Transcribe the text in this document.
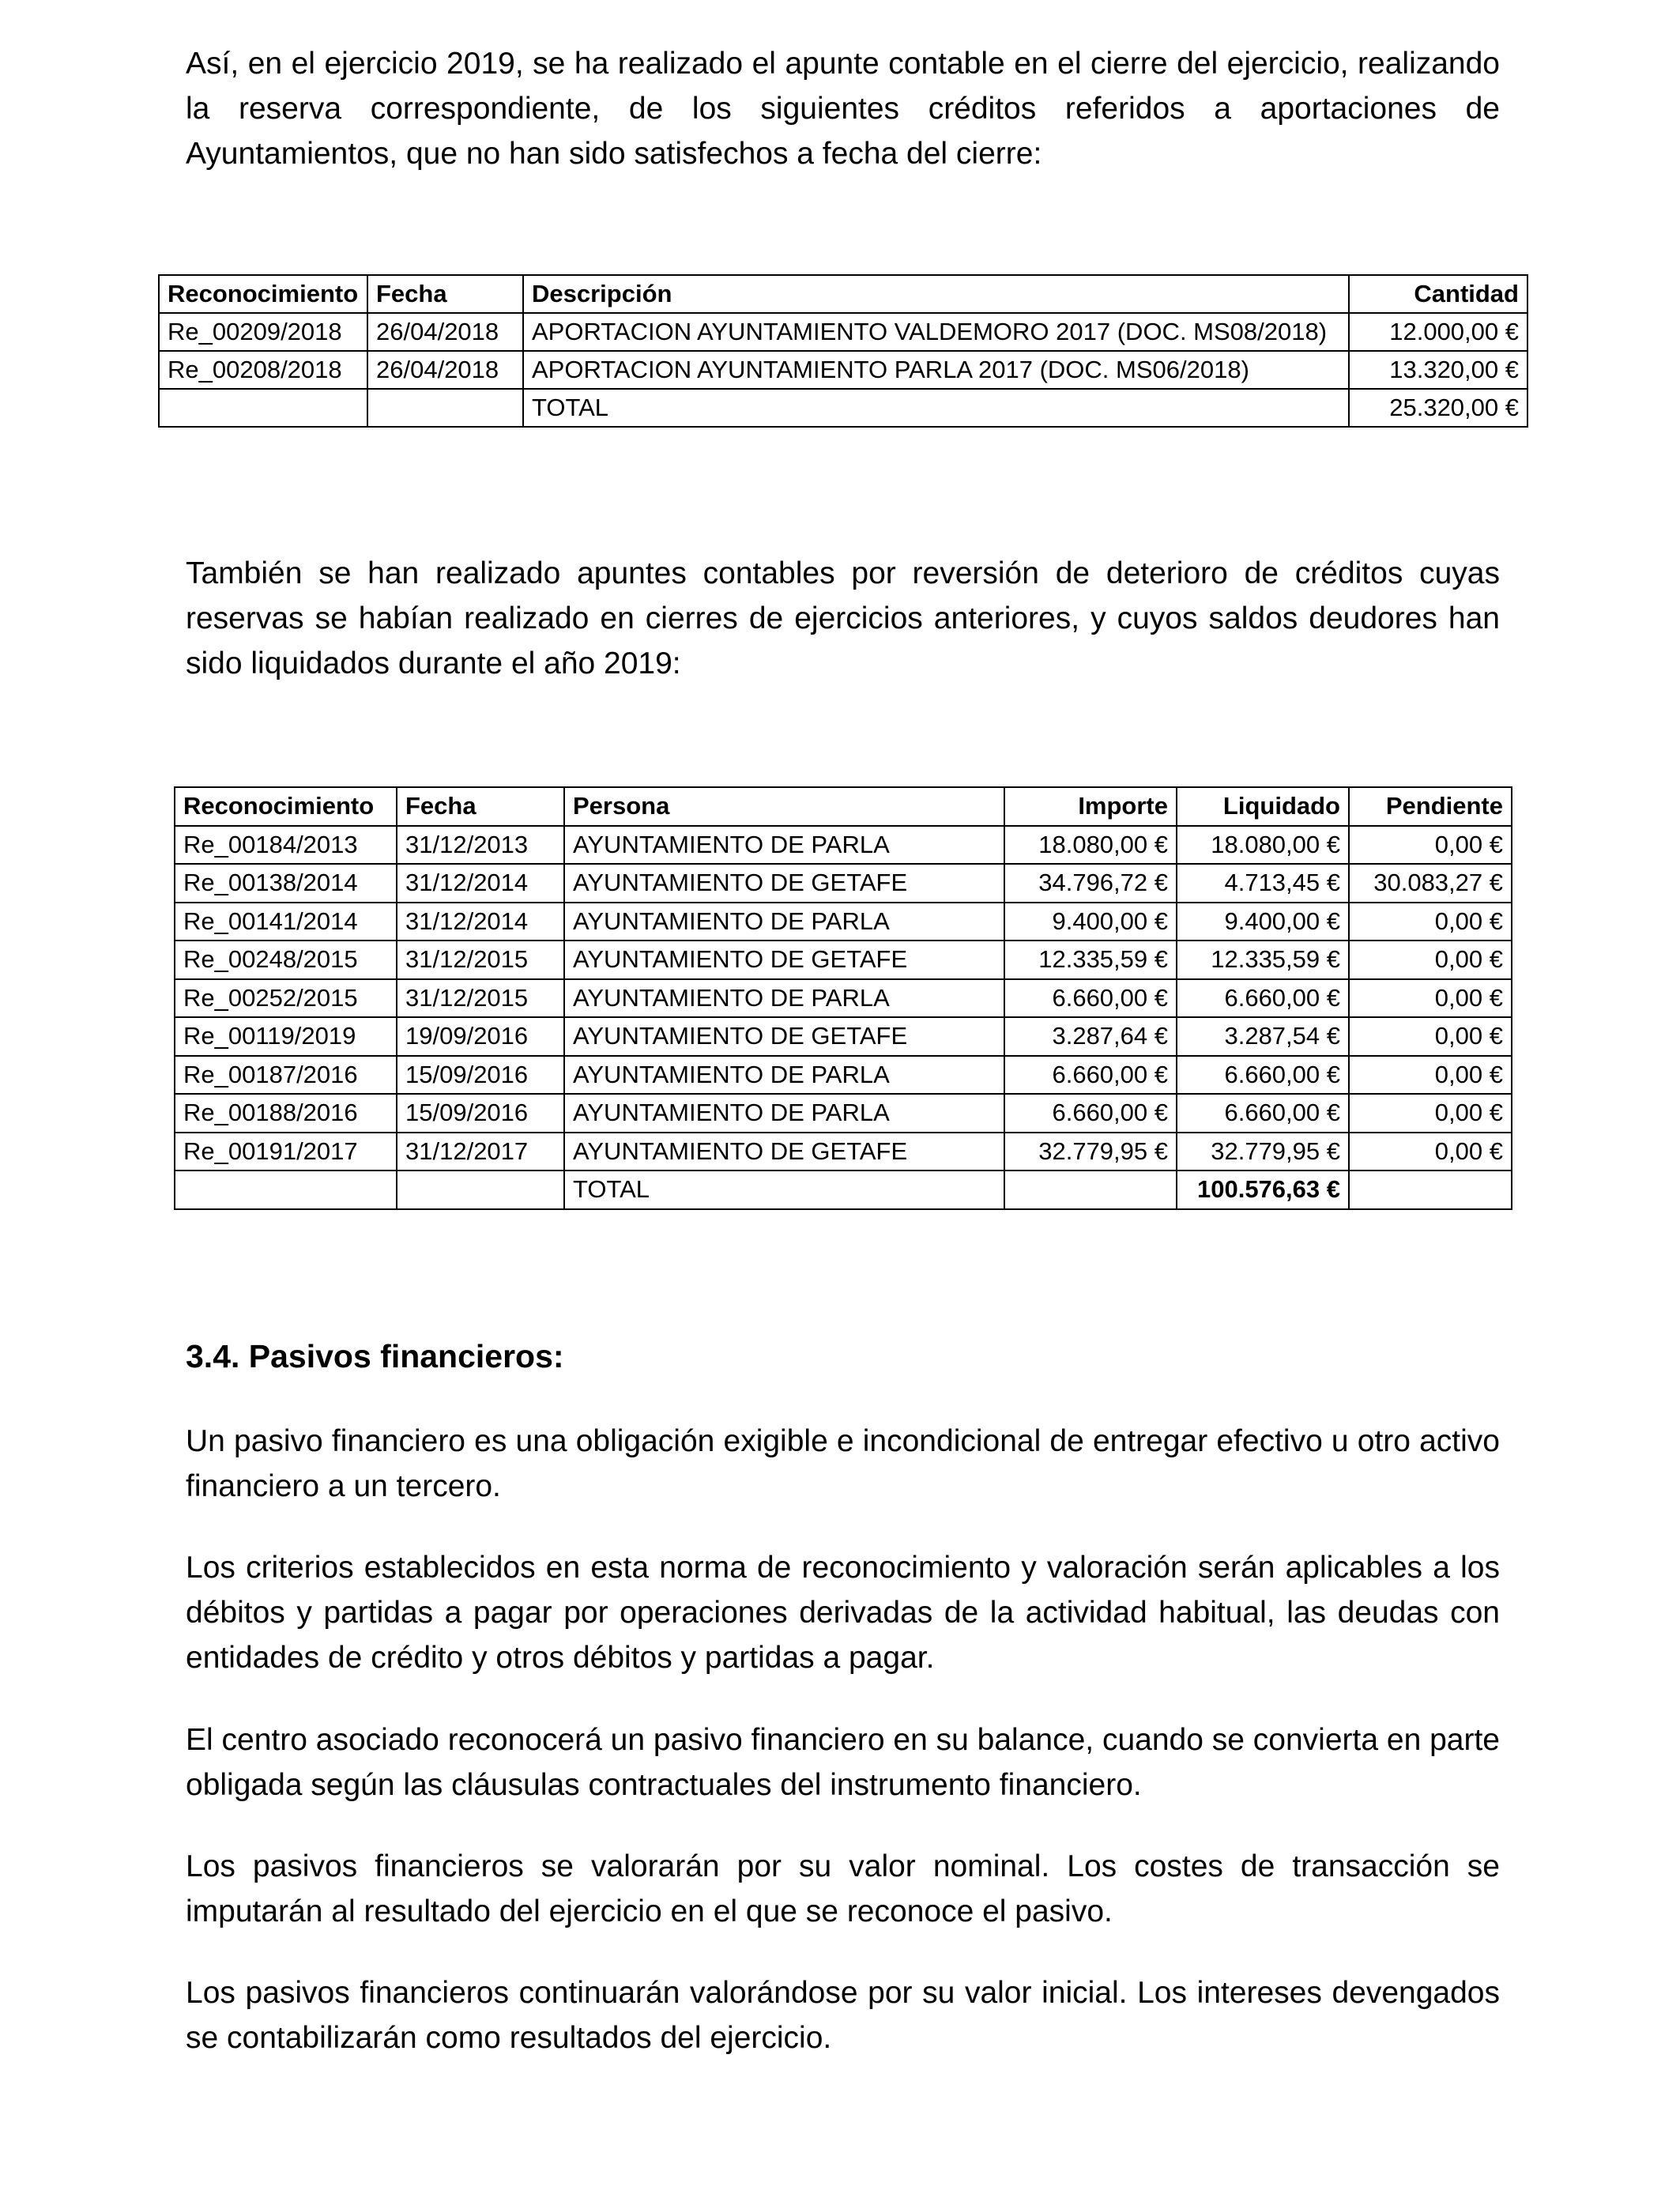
Así, en el ejercicio 2019, se ha realizado el apunte contable en el cierre del ejercicio, realizando la reserva correspondiente, de los siguientes créditos referidos a aportaciones de Ayuntamientos, que no han sido satisfechos a fecha del cierre:

Reconocimiento	Fecha	Descripción	Cantidad
Re_00209/2018	26/04/2018	APORTACION AYUNTAMIENTO VALDEMORO 2017 (DOC. MS08/2018)	12.000,00 €
Re_00208/2018	26/04/2018	APORTACION AYUNTAMIENTO PARLA 2017 (DOC. MS06/2018)	13.320,00 €
		TOTAL	25.320,00 €

También se han realizado apuntes contables por reversión de deterioro de créditos cuyas reservas se habían realizado en cierres de ejercicios anteriores, y cuyos saldos deudores han sido liquidados durante el año 2019:

Reconocimiento	Fecha	Persona	Importe	Liquidado	Pendiente
Re_00184/2013	31/12/2013	AYUNTAMIENTO DE PARLA	18.080,00 €	18.080,00 €	0,00 €
Re_00138/2014	31/12/2014	AYUNTAMIENTO DE GETAFE	34.796,72 €	4.713,45 €	30.083,27 €
Re_00141/2014	31/12/2014	AYUNTAMIENTO DE PARLA	9.400,00 €	9.400,00 €	0,00 €
Re_00248/2015	31/12/2015	AYUNTAMIENTO DE GETAFE	12.335,59 €	12.335,59 €	0,00 €
Re_00252/2015	31/12/2015	AYUNTAMIENTO DE PARLA	6.660,00 €	6.660,00 €	0,00 €
Re_00119/2019	19/09/2016	AYUNTAMIENTO DE GETAFE	3.287,64 €	3.287,54 €	0,00 €
Re_00187/2016	15/09/2016	AYUNTAMIENTO DE PARLA	6.660,00 €	6.660,00 €	0,00 €
Re_00188/2016	15/09/2016	AYUNTAMIENTO DE PARLA	6.660,00 €	6.660,00 €	0,00 €
Re_00191/2017	31/12/2017	AYUNTAMIENTO DE GETAFE	32.779,95 €	32.779,95 €	0,00 €
		TOTAL		100.576,63 €	
3.4. Pasivos financieros:

Un pasivo financiero es una obligación exigible e incondicional de entregar efectivo u otro activo financiero a un tercero.

Los criterios establecidos en esta norma de reconocimiento y valoración serán aplicables a los débitos y partidas a pagar por operaciones derivadas de la actividad habitual, las deudas con entidades de crédito y otros débitos y partidas a pagar.

El centro asociado reconocerá un pasivo financiero en su balance, cuando se convierta en parte obligada según las cláusulas contractuales del instrumento financiero.

Los pasivos financieros se valorarán por su valor nominal. Los costes de transacción se imputarán al resultado del ejercicio en el que se reconoce el pasivo.

Los pasivos financieros continuarán valorándose por su valor inicial. Los intereses devengados se contabilizarán como resultados del ejercicio.
